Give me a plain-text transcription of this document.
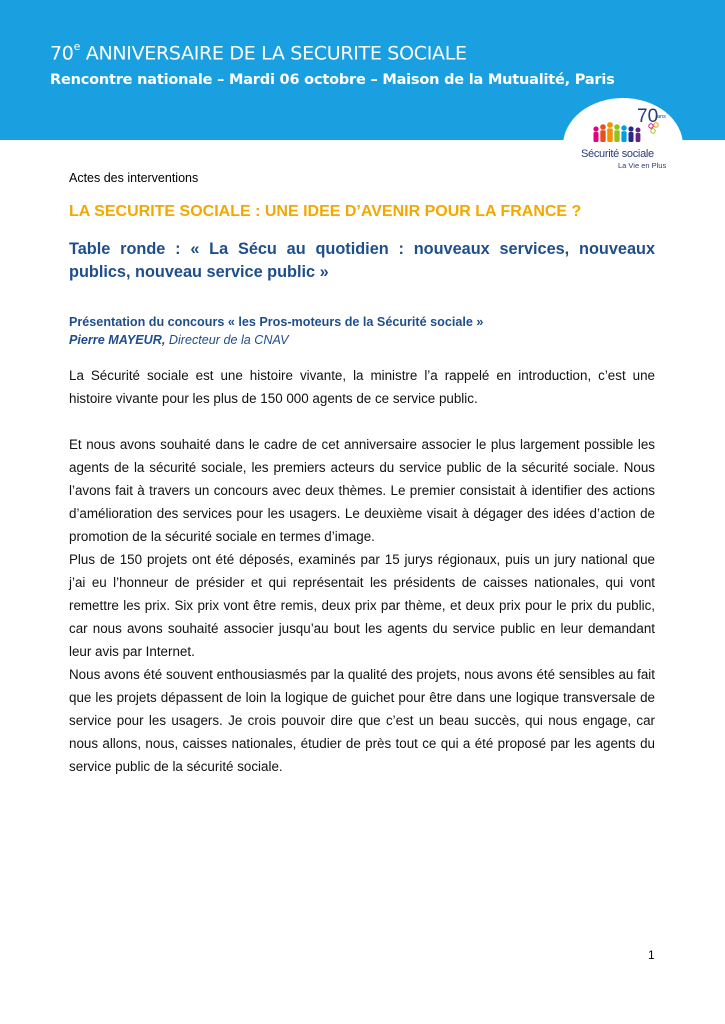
70e ANNIVERSAIRE DE LA SECURITE SOCIALE
Rencontre nationale – Mardi 06 octobre – Maison de la Mutualité, Paris
70
ans
Sécurité sociale
La Vie en Plus
Actes des interventions
LA SECURITE SOCIALE : UNE IDEE D’AVENIR POUR LA FRANCE ?
Table ronde : « La Sécu au quotidien : nouveaux services, nouveaux
publics, nouveau service public »
Présentation du concours « les Pros-moteurs de la Sécurité sociale »
Pierre MAYEUR, Directeur de la CNAV
La Sécurité sociale est une histoire vivante, la ministre l’a rappelé en introduction, c’est une
histoire vivante pour les plus de 150 000 agents de ce service public.
Et nous avons souhaité dans le cadre de cet anniversaire associer le plus largement possible les
agents de la sécurité sociale, les premiers acteurs du service public de la sécurité sociale. Nous
l’avons fait à travers un concours avec deux thèmes. Le premier consistait à identifier des actions
d’amélioration des services pour les usagers. Le deuxième visait à dégager des idées d’action de
promotion de la sécurité sociale en termes d’image.
Plus de 150 projets ont été déposés, examinés par 15 jurys régionaux, puis un jury national que
j’ai eu l’honneur de présider et qui représentait les présidents de caisses nationales, qui vont
remettre les prix. Six prix vont être remis, deux prix par thème, et deux prix pour le prix du public,
car nous avons souhaité associer jusqu’au bout les agents du service public en leur demandant
leur avis par Internet.
Nous avons été souvent enthousiasmés par la qualité des projets, nous avons été sensibles au fait
que les projets dépassent de loin la logique de guichet pour être dans une logique transversale de
service pour les usagers. Je crois pouvoir dire que c’est un beau succès, qui nous engage, car
nous allons, nous, caisses nationales, étudier de près tout ce qui a été proposé par les agents du
service public de la sécurité sociale.
1
